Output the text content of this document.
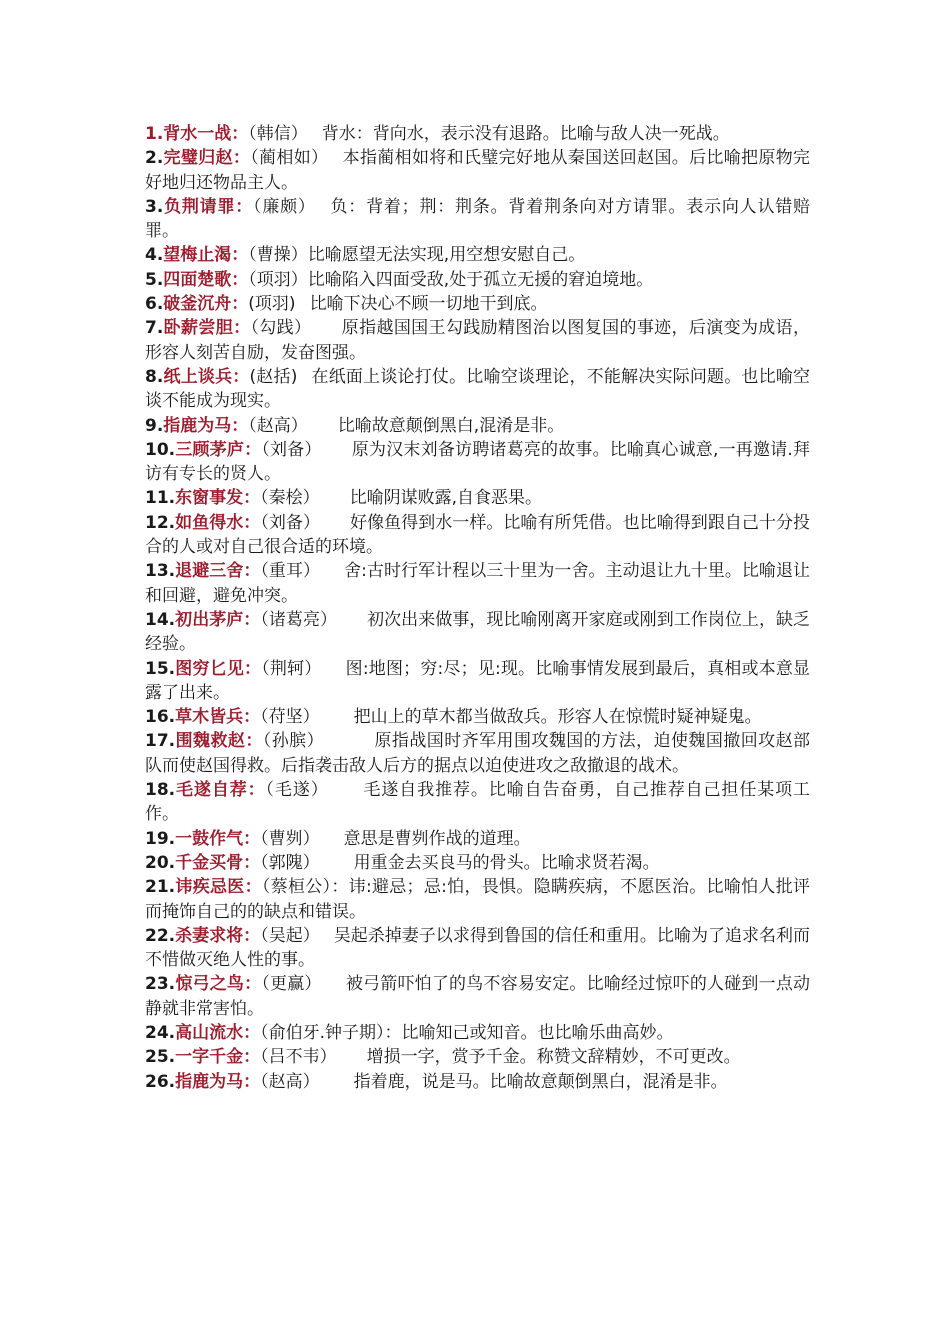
1.背水一战：（韩信） 背水：背向水，表示没有退路。比喻与敌人决一死战。

2.完璧归赵：（蔺相如） 本指蔺相如将和氏璧完好地从秦国送回赵国。后比喻把原物完好地归还物品主人。

3.负荆请罪：（廉颇） 负：背着；荆：荆条。背着荆条向对方请罪。表示向人认错赔罪。

4.望梅止渴：（曹操）比喻愿望无法实现,用空想安慰自己。

5.四面楚歌：（项羽）比喻陷入四面受敌,处于孤立无援的窘迫境地。

6.破釜沉舟：(项羽) 比喻下决心不顾一切地干到底。

7.卧薪尝胆：（勾践） 原指越国国王勾践励精图治以图复国的事迹，后演变为成语，形容人刻苦自励，发奋图强。

8.纸上谈兵：(赵括) 在纸面上谈论打仗。比喻空谈理论，不能解决实际问题。也比喻空谈不能成为现实。

9.指鹿为马：（赵高） 比喻故意颠倒黑白,混淆是非。

10.三顾茅庐：（刘备） 原为汉末刘备访聘诸葛亮的故事。比喻真心诚意,一再邀请.拜访有专长的贤人。

11.东窗事发：（秦桧） 比喻阴谋败露,自食恶果。

12.如鱼得水：（刘备） 好像鱼得到水一样。比喻有所凭借。也比喻得到跟自己十分投合的人或对自己很合适的环境。

13.退避三舍：（重耳） 舍:古时行军计程以三十里为一舍。主动退让九十里。比喻退让和回避，避免冲突。

14.初出茅庐：（诸葛亮） 初次出来做事，现比喻刚离开家庭或刚到工作岗位上，缺乏经验。

15.图穷匕见：（荆轲） 图:地图；穷:尽；见:现。比喻事情发展到最后，真相或本意显露了出来。

16.草木皆兵：（苻坚） 把山上的草木都当做敌兵。形容人在惊慌时疑神疑鬼。

17.围魏救赵：（孙膑）	原指战国时齐军用围攻魏国的方法，迫使魏国撤回攻赵部队而使赵国得救。后指袭击敌人后方的据点以迫使进攻之敌撤退的战术。

18.毛遂自荐：（毛遂） 毛遂自我推荐。比喻自告奋勇，自己推荐自己担任某项工作。

19.一鼓作气：（曹刿） 意思是曹刿作战的道理。

20.千金买骨：（郭隗） 用重金去买良马的骨头。比喻求贤若渴。

21.讳疾忌医：（蔡桓公）：讳:避忌；忌:怕，畏惧。隐瞒疾病，不愿医治。比喻怕人批评而掩饰自己的的缺点和错误。

22.杀妻求将：（吴起） 吴起杀掉妻子以求得到鲁国的信任和重用。比喻为了追求名利而不惜做灭绝人性的事。

23.惊弓之鸟：（更赢） 被弓箭吓怕了的鸟不容易安定。比喻经过惊吓的人碰到一点动静就非常害怕。

24.高山流水：（俞伯牙.钟子期）：比喻知己或知音。也比喻乐曲高妙。

25.一字千金：（吕不韦） 增损一字，赏予千金。称赞文辞精妙，不可更改。

26.指鹿为马：（赵高） 指着鹿，说是马。比喻故意颠倒黑白，混淆是非。
